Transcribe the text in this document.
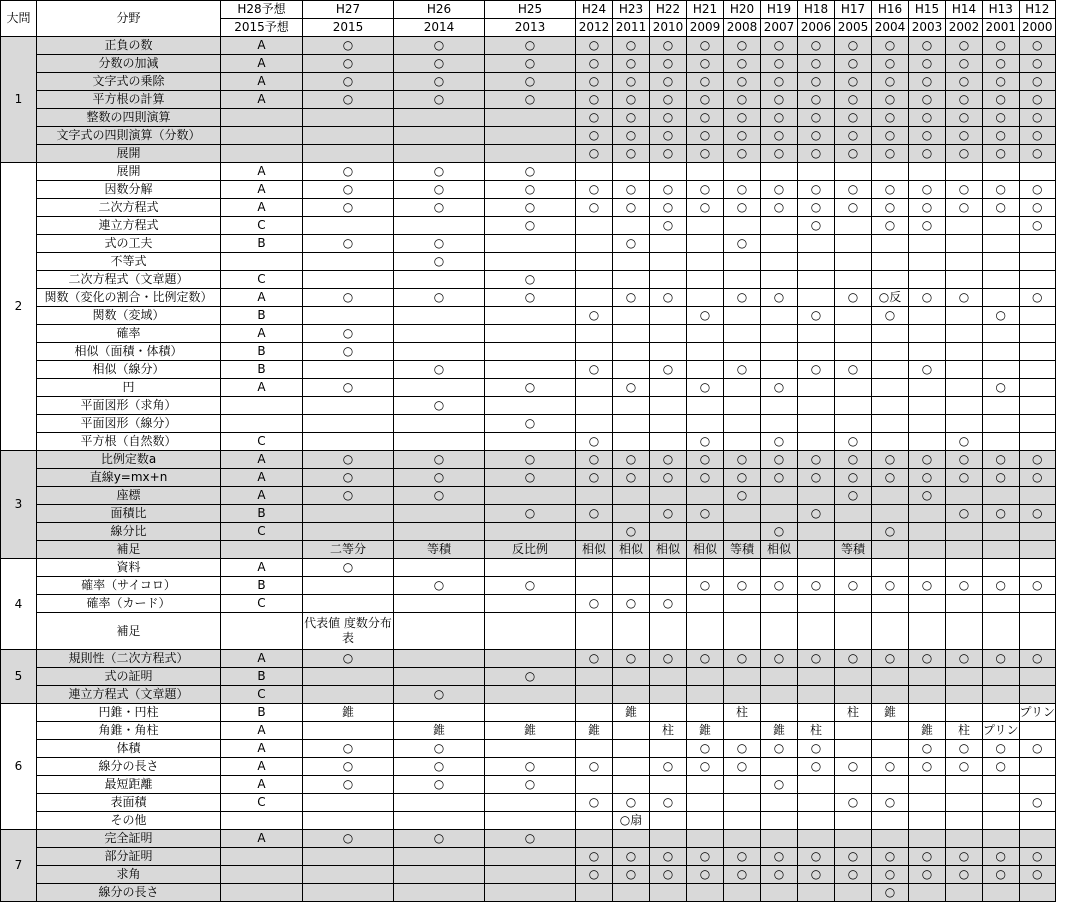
大問	分野	H28予想	H27	H26	H25	H24	H23	H22	H21	H20	H19	H18	H17	H16	H15	H14	H13	H12
		2015予想	2015	2014	2013	2012	2011	2010	2009	2008	2007	2006	2005	2004	2003	2002	2001	2000
1	正負の数	A	○	○	○	○	○	○	○	○	○	○	○	○	○	○	○	○
	分数の加減	A	○	○	○	○	○	○	○	○	○	○	○	○	○	○	○	○
	文字式の乗除	A	○	○	○	○	○	○	○	○	○	○	○	○	○	○	○	○
	平方根の計算	A	○	○	○	○	○	○	○	○	○	○	○	○	○	○	○	○
	整数の四則演算					○	○	○	○	○	○	○	○	○	○	○	○	○
	文字式の四則演算（分数）					○	○	○	○	○	○	○	○	○	○	○	○	○
	展開					○	○	○	○	○	○	○	○	○	○	○	○	○
2	展開	A	○	○	○													
	因数分解	A	○	○	○	○	○	○	○	○	○	○	○	○	○	○	○	○
	二次方程式	A	○	○	○	○	○	○	○	○	○	○	○	○	○	○	○	○
	連立方程式	C			○			○				○		○	○			○
	式の工夫	B	○	○			○			○								
	不等式			○														
	二次方程式（文章題）	C			○													
	関数（変化の割合・比例定数）	A	○	○	○		○	○		○	○		○	○反	○	○		○
	関数（変域）	B				○			○			○		○			○	
	確率	A	○															
	相似（面積・体積）	B	○															
	相似（線分）	B		○		○		○		○		○	○		○			
	円	A	○		○		○		○		○						○	
	平面図形（求角）			○														
	平面図形（線分）				○													
	平方根（自然数）	C				○			○		○		○			○		
3	比例定数a	A	○	○	○	○	○	○	○	○	○	○	○	○	○	○	○	○
	直線y=mx+n	A	○	○	○	○	○	○	○	○	○	○	○	○	○	○	○	○
	座標	A	○	○						○			○		○			
	面積比	B			○	○		○	○			○				○	○	○
	線分比	C					○				○			○				
	補足		二等分	等積	反比例	相似	相似	相似	相似	等積	相似		等積					
4	資料	A	○															
	確率（サイコロ）	B		○	○				○	○	○	○	○	○	○	○	○	○
	確率（カード）	C				○	○	○										
	補足		代表値 度数分布表															
5	規則性（二次方程式）	A	○			○	○	○	○	○	○	○	○	○	○	○	○	○
	式の証明	B			○													
	連立方程式（文章題）	C		○														
6	円錐・円柱	B	錐				錐			柱			柱	錐				プリン
	角錐・角柱	A		錐	錐	錐		柱	錐		錐	柱			錐	柱	プリン	
	体積	A	○	○					○	○	○	○			○	○	○	○
	線分の長さ	A	○	○	○	○		○	○	○		○	○	○	○	○	○	
	最短距離	A	○	○	○						○							
	表面積	C				○	○	○					○	○				○
	その他						○扇											
7	完全証明	A	○	○	○													
	部分証明					○	○	○	○	○	○	○	○	○	○	○	○	○
	求角					○	○	○	○	○	○	○	○	○	○	○	○	○
	線分の長さ													○				
